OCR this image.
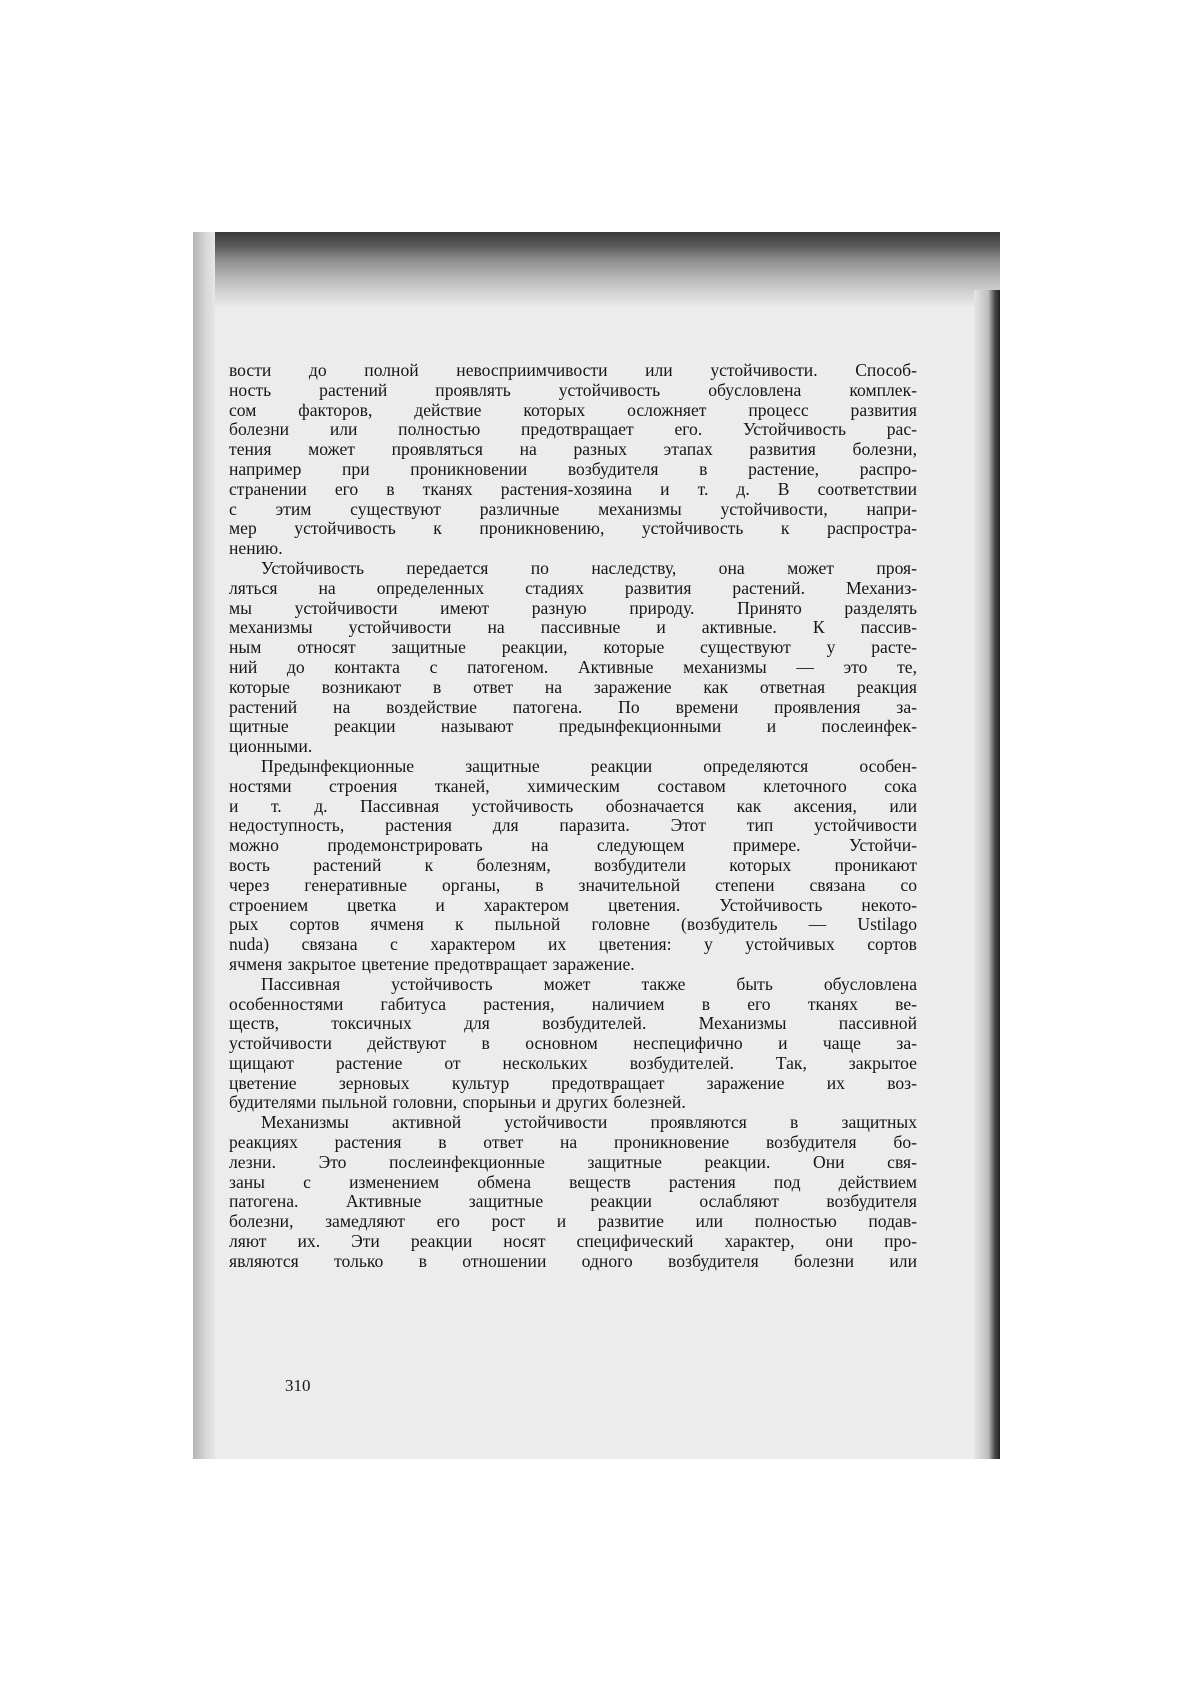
вости до полной невосприимчивости или устойчивости. Способ-
ность растений проявлять устойчивость обусловлена комплек-
сом факторов, действие которых осложняет процесс развития
болезни или полностью предотвращает его. Устойчивость рас-
тения может проявляться на разных этапах развития болезни,
например при проникновении возбудителя в растение, распро-
странении его в тканях растения-хозяина и т. д. В соответствии
с этим существуют различные механизмы устойчивости, напри-
мер устойчивость к проникновению, устойчивость к распростра-
нению.

Устойчивость передается по наследству, она может проя-
ляться на определенных стадиях развития растений. Механиз-
мы устойчивости имеют разную природу. Принято разделять
механизмы устойчивости на пассивные и активные. К пассив-
ным относят защитные реакции, которые существуют у расте-
ний до контакта с патогеном. Активные механизмы — это те,
которые возникают в ответ на заражение как ответная реакция
растений на воздействие патогена. По времени проявления за-
щитные реакции называют предынфекционными и послеинфек-
ционными.

Предынфекционные защитные реакции определяются особен-
ностями строения тканей, химическим составом клеточного сока
и т. д. Пассивная устойчивость обозначается как аксения, или
недоступность, растения для паразита. Этот тип устойчивости
можно продемонстрировать на следующем примере. Устойчи-
вость растений к болезням, возбудители которых проникают
через генеративные органы, в значительной степени связана со
строением цветка и характером цветения. Устойчивость некото-
рых сортов ячменя к пыльной головне (возбудитель — Ustilago
nuda) связана с характером их цветения: у устойчивых сортов
ячменя закрытое цветение предотвращает заражение.

Пассивная устойчивость может также быть обусловлена
особенностями габитуса растения, наличием в его тканях ве-
ществ, токсичных для возбудителей. Механизмы пассивной
устойчивости действуют в основном неспецифично и чаще за-
щищают растение от нескольких возбудителей. Так, закрытое
цветение зерновых культур предотвращает заражение их воз-
будителями пыльной головни, спорыньи и других болезней.

Механизмы активной устойчивости проявляются в защитных
реакциях растения в ответ на проникновение возбудителя бо-
лезни. Это послеинфекционные защитные реакции. Они свя-
заны с изменением обмена веществ растения под действием
патогена. Активные защитные реакции ослабляют возбудителя
болезни, замедляют его рост и развитие или полностью подав-
ляют их. Эти реакции носят специфический характер, они про-
являются только в отношении одного возбудителя болезни или

310
